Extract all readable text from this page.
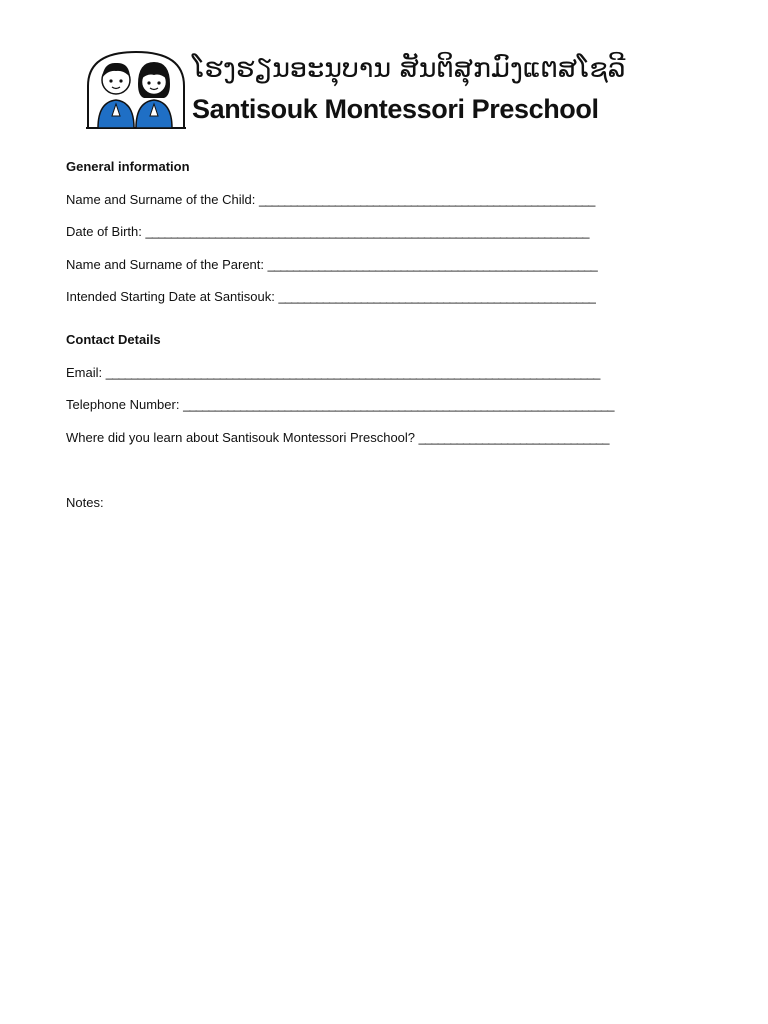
ໂຮງຮຽນອະນຸບານ ສັນຕິສຸກມົງແຕສໂຊລີ
Santisouk Montessori Preschool
General information
Name and Surname of the Child: _____________________________________________________
Date of Birth: ______________________________________________________________________
Name and Surname of the Parent: ____________________________________________________
Intended Starting Date at Santisouk: __________________________________________________
Contact Details
Email: ______________________________________________________________________________
Telephone Number: ____________________________________________________________________
Where did you learn about Santisouk Montessori Preschool? ______________________________
Notes:
